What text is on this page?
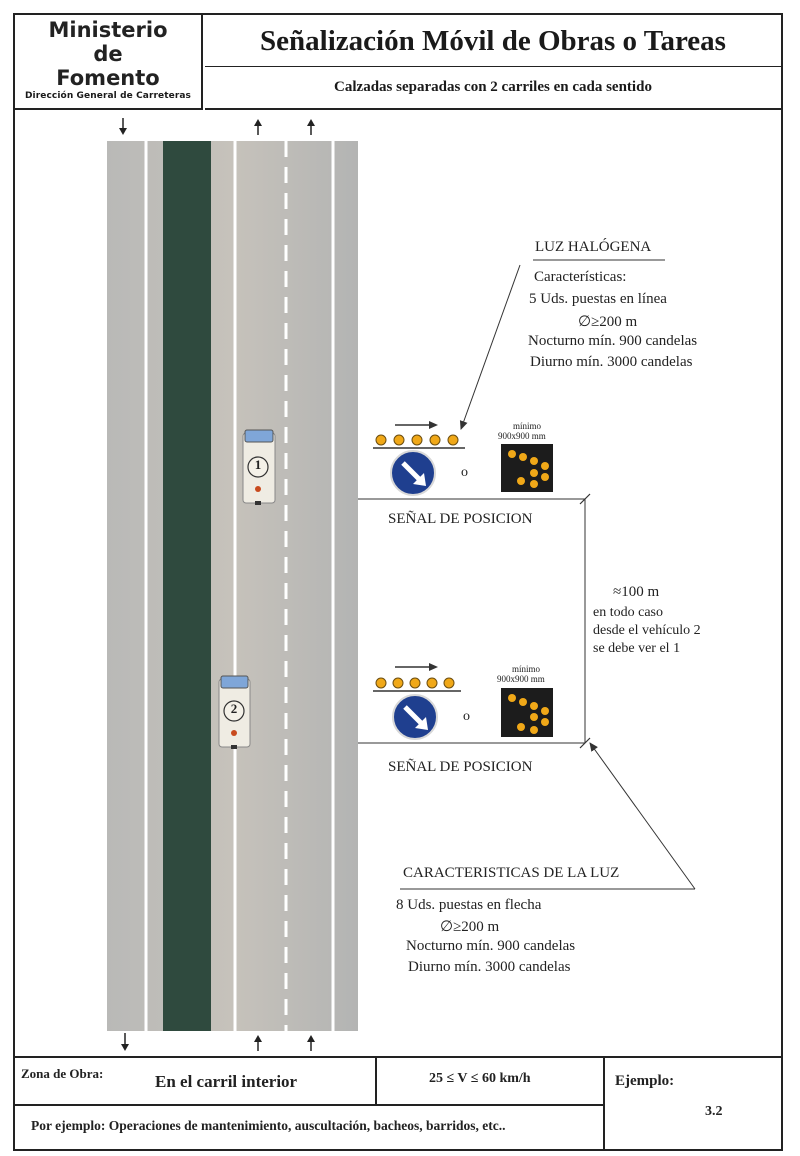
Ministerio
de
Fomento
Dirección General de Carreteras
Señalización Móvil de Obras o Tareas
Calzadas separadas con 2 carriles en cada sentido
1
2
LUZ HALÓGENA
Características:
5 Uds. puestas en línea
∅≥200 m
Nocturno mín. 900 candelas
Diurno mín. 3000 candelas
o
mínimo
900x900 mm
SEÑAL DE POSICION
≈100 m
en todo caso
desde el vehículo 2
se debe ver el 1
o
mínimo
900x900 mm
SEÑAL DE POSICION
CARACTERISTICAS DE LA LUZ
8 Uds. puestas en flecha
∅≥200 m
Nocturno mín. 900 candelas
Diurno mín. 3000 candelas
Zona de Obra:	En el carril interior	25 ≤ V ≤ 60 km/h	Ejemplo:
3.2
Por ejemplo: Operaciones de mantenimiento, auscultación, bacheos, barridos, etc..
